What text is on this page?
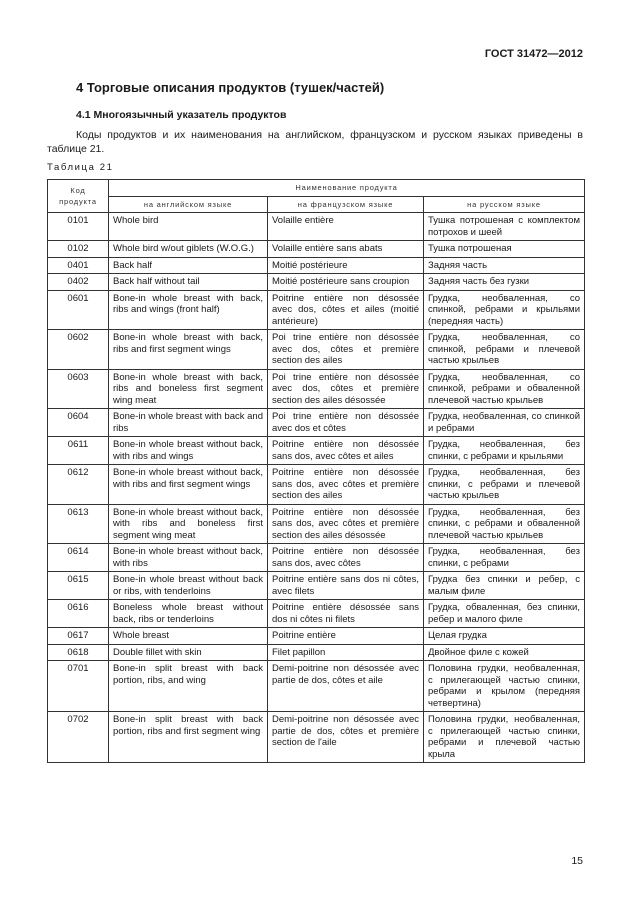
ГОСТ 31472—2012
4 Торговые описания продуктов (тушек/частей)
4.1 Многоязычный указатель продуктов
Коды продуктов и их наименования на английском, французском и русском языках приведены в таблице 21.
Таблица 21
Код продукта	Наименование продукта		
	на английском языке	на французском языке	на русском языке
0101	Whole bird	Volaille entière	Тушка потрошеная с комплектом потрохов и шеей
0102	Whole bird w/out giblets (W.O.G.)	Volaille entière sans abats	Тушка потрошеная
0401	Back half	Moitié postérieure	Задняя часть
0402	Back half without tail	Moitié postérieure sans croupion	Задняя часть без гузки
0601	Bone-in whole breast with back, ribs and wings (front half)	Poitrine entière non désossée avec dos, côtes et ailes (moitié antérieure)	Грудка, необваленная, со спинкой, ребрами и крыльями (передняя часть)
0602	Bone-in whole breast with back, ribs and first segment wings	Poi trine entière non désossée avec dos, côtes et première section des ailes	Грудка, необваленная, со спинкой, ребрами и плечевой частью крыльев
0603	Bone-in whole breast with back, ribs and boneless first segment wing meat	Poi trine entière non désossée avec dos, côtes et première section des ailes désossée	Грудка, необваленная, со спинкой, ребрами и обваленной плечевой частью крыльев
0604	Bone-in whole breast with back and ribs	Poi trine entière non désossée avec dos et côtes	Грудка, необваленная, со спинкой и ребрами
0611	Bone-in whole breast without back, with ribs and wings	Poitrine entière non désossée sans dos, avec côtes et ailes	Грудка, необваленная, без спинки, с ребрами и крыльями
0612	Bone-in whole breast without back, with ribs and first segment wings	Poitrine entière non désossée sans dos, avec côtes et première section des ailes	Грудка, необваленная, без спинки, с ребрами и плечевой частью крыльев
0613	Bone-in whole breast without back, with ribs and boneless first segment wing meat	Poitrine entière non désossée sans dos, avec côtes et première section des ailes désossée	Грудка, необваленная, без спинки, с ребрами и обваленной плечевой частью крыльев
0614	Bone-in whole breast without back, with ribs	Poitrine entière non désossée sans dos, avec côtes	Грудка, необваленная, без спинки, с ребрами
0615	Bone-in whole breast without back or ribs, with tenderloins	Poitrine entière sans dos ni côtes, avec filets	Грудка без спинки и ребер, с малым филе
0616	Boneless whole breast without back, ribs or tenderloins	Poitrine entière désossée sans dos ni côtes ni filets	Грудка, обваленная, без спинки, ребер и малого филе
0617	Whole breast	Poitrine entière	Целая грудка
0618	Double fillet with skin	Filet papillon	Двойное филе с кожей
0701	Bone-in split breast with back portion, ribs, and wing	Demi-poitrine non désossée avec partie de dos, côtes et aile	Половина грудки, необваленная, с прилегающей частью спинки, ребрами и крылом (передняя четвертина)
0702	Bone-in split breast with back portion, ribs and first segment wing	Demi-poitrine non désossée avec partie de dos, côtes et première section de l'aile	Половина грудки, необваленная, с прилегающей частью спинки, ребрами и плечевой частью крыла
15
